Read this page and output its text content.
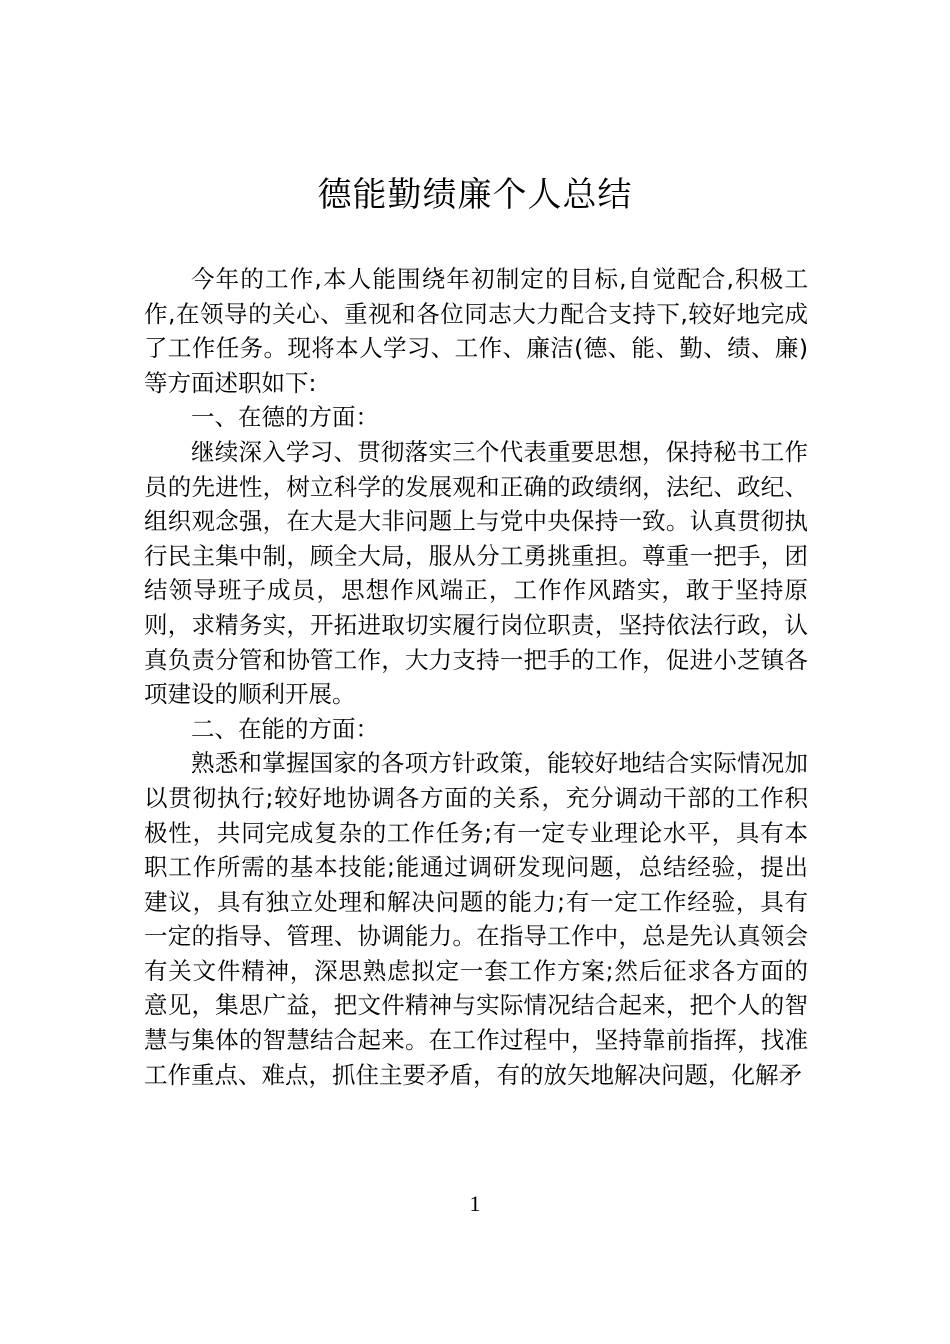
德能勤绩廉个人总结

今年的工作,本人能围绕年初制定的目标,自觉配合,积极工作,在领导的关心、重视和各位同志大力配合支持下,较好地完成了工作任务。现将本人学习、工作、廉洁(德、能、勤、绩、廉)等方面述职如下:

一、在德的方面：

继续深入学习、贯彻落实三个代表重要思想，保持秘书工作员的先进性，树立科学的发展观和正确的政绩纲，法纪、政纪、组织观念强，在大是大非问题上与党中央保持一致。认真贯彻执行民主集中制，顾全大局，服从分工勇挑重担。尊重一把手，团结领导班子成员，思想作风端正，工作作风踏实，敢于坚持原则，求精务实，开拓进取切实履行岗位职责，坚持依法行政，认真负责分管和协管工作，大力支持一把手的工作，促进小芝镇各项建设的顺利开展。

二、在能的方面：

熟悉和掌握国家的各项方针政策，能较好地结合实际情况加以贯彻执行;较好地协调各方面的关系，充分调动干部的工作积极性，共同完成复杂的工作任务;有一定专业理论水平，具有本职工作所需的基本技能;能通过调研发现问题，总结经验，提出建议，具有独立处理和解决问题的能力;有一定工作经验，具有一定的指导、管理、协调能力。在指导工作中，总是先认真领会有关文件精神，深思熟虑拟定一套工作方案;然后征求各方面的意见，集思广益，把文件精神与实际情况结合起来，把个人的智慧与集体的智慧结合起来。在工作过程中，坚持靠前指挥，找准工作重点、难点，抓住主要矛盾，有的放矢地解决问题，化解矛

1
